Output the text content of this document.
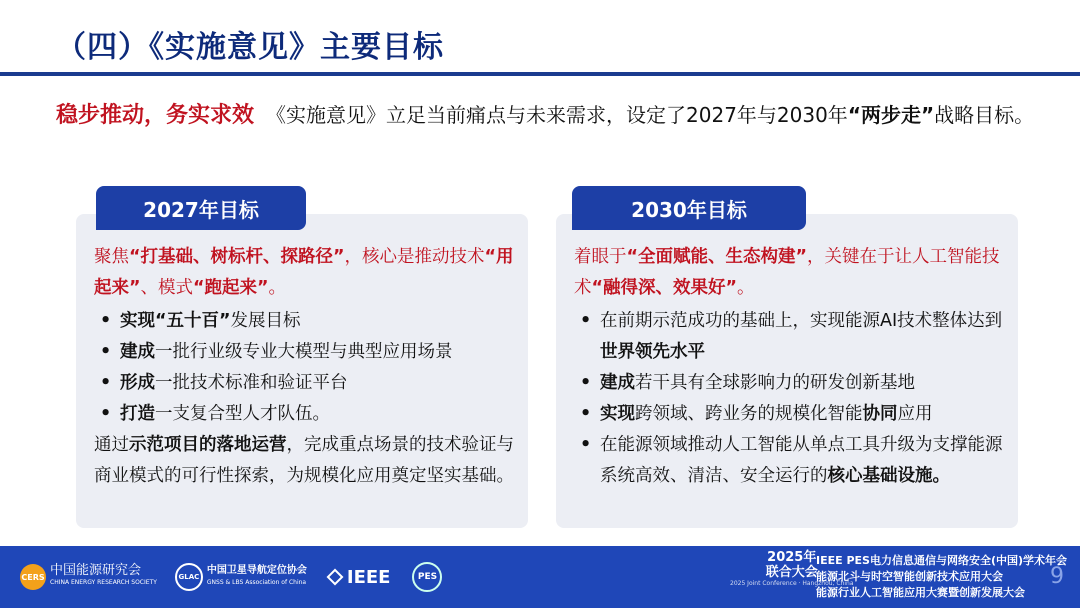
（四）《实施意见》主要目标
稳步推动，务实求效 《实施意见》立足当前痛点与未来需求，设定了2027年与2030年“两步走”战略目标。
2027年目标
聚焦“打基础、树标杆、探路径”，核心是推动技术“用起来”、模式“跑起来”。
• 实现“五十百”发展目标
• 建成一批行业级专业大模型与典型应用场景
• 形成一批技术标准和验证平台
• 打造一支复合型人才队伍。
通过示范项目的落地运营，完成重点场景的技术验证与商业模式的可行性探索，为规模化应用奠定坚实基础。
2030年目标
着眼于“全面赋能、生态构建”，关键在于让人工智能技术“融得深、效果好”。
• 在前期示范成功的基础上，实现能源AI技术整体达到世界领先水平
• 建成若干具有全球影响力的研发创新基地
• 实现跨领域、跨业务的规模化智能协同应用
• 在能源领域推动人工智能从单点工具升级为支撑能源系统高效、清洁、安全运行的核心基础设施。
CERS 中国能源研究会
CHINA ENERGY RESEARCH SOCIETY
GLAC
中国卫星导航定位协会
GNSS & LBS Association of China IEEE	PES
2025年
联合大会
2025 Joint Conference · Hangzhou, China
IEEE PES电力信息通信与网络安全(中国)学术年会
能源北斗与时空智能创新技术应用大会
能源行业人工智能应用大赛暨创新发展大会
9
